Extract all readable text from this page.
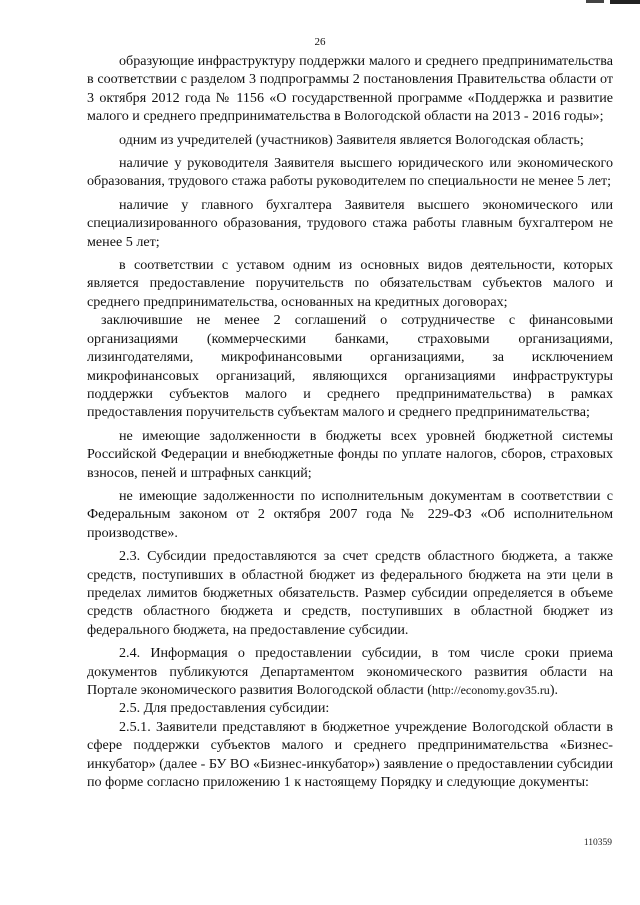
26

образующие инфраструктуру поддержки малого и среднего предпринимательства в соответствии с разделом 3 подпрограммы 2 постановления Правительства области от 3 октября 2012 года № 1156 «О государственной программе «Поддержка и развитие малого и среднего предпринимательства в Вологодской области на 2013 - 2016 годы»;

одним из учредителей (участников) Заявителя является Вологодская область;

наличие у руководителя Заявителя высшего юридического или экономического образования, трудового стажа работы руководителем по специальности не менее 5 лет;

наличие у главного бухгалтера Заявителя высшего экономического или специализированного образования, трудового стажа работы главным бухгалтером не менее 5 лет;

в соответствии с уставом одним из основных видов деятельности, которых является предоставление поручительств по обязательствам субъектов малого и среднего предпринимательства, основанных на кредитных договорах;

заключившие не менее 2 соглашений о сотрудничестве с финансовыми организациями (коммерческими банками, страховыми организациями, лизингодателями, микрофинансовыми организациями, за исключением микрофинансовых организаций, являющихся организациями инфраструктуры поддержки субъектов малого и среднего предпринимательства) в рамках предоставления поручительств субъектам малого и среднего предпринимательства;

не имеющие задолженности в бюджеты всех уровней бюджетной системы Российской Федерации и внебюджетные фонды по уплате налогов, сборов, страховых взносов, пеней и штрафных санкций;

не имеющие задолженности по исполнительным документам в соответствии с Федеральным законом от 2 октября 2007 года № 229-ФЗ «Об исполнительном производстве».

2.3. Субсидии предоставляются за счет средств областного бюджета, а также средств, поступивших в областной бюджет из федерального бюджета на эти цели в пределах лимитов бюджетных обязательств. Размер субсидии определяется в объеме средств областного бюджета и средств, поступивших в областной бюджет из федерального бюджета, на предоставление субсидии.

2.4. Информация о предоставлении субсидии, в том числе сроки приема документов публикуются Департаментом экономического развития области на Портале экономического развития Вологодской области (http://economy.gov35.ru).

2.5. Для предоставления субсидии:

2.5.1. Заявители представляют в бюджетное учреждение Вологодской области в сфере поддержки субъектов малого и среднего предпринимательства «Бизнес-инкубатор» (далее - БУ ВО «Бизнес-инкубатор») заявление о предоставлении субсидии по форме согласно приложению 1 к настоящему Порядку и следующие документы:

110359
